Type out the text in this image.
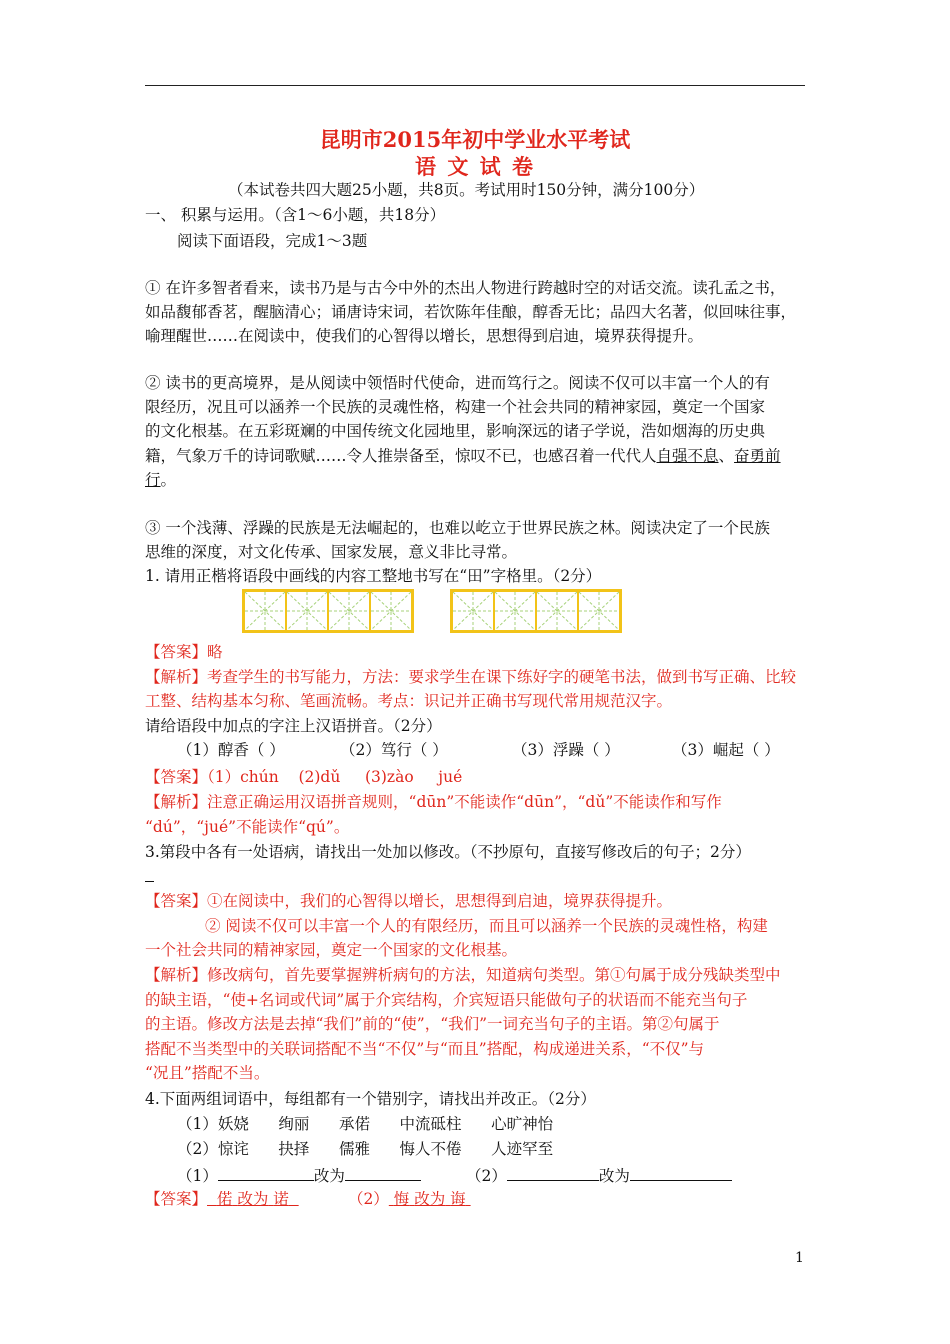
昆明市2015年初中学业水平考试
语 文 试 卷
（本试卷共四大题25小题，共8页。考试用时150分钟，满分100分）
一、 积累与运用。（含1～6小题，共18分）
阅读下面语段，完成1～3题
① 在许多智者看来，读书乃是与古今中外的杰出人物进行跨越时空的对话交流。读孔孟之书，
如品馥郁香茗，醒脑清心；诵唐诗宋词，若饮陈年佳酿，醇香无比；品四大名著，似回味往事，
喻理醒世……在阅读中，使我们的心智得以增长，思想得到启迪，境界获得提升。
② 读书的更高境界，是从阅读中领悟时代使命，进而笃行之。阅读不仅可以丰富一个人的有
限经历，况且可以涵养一个民族的灵魂性格，构建一个社会共同的精神家园，奠定一个国家
的文化根基。在五彩斑斓的中国传统文化园地里，影响深远的诸子学说，浩如烟海的历史典
籍，气象万千的诗词歌赋……令人推崇备至，惊叹不已，也感召着一代代人自强不息、奋勇前
行。
③ 一个浅薄、浮躁的民族是无法崛起的，也难以屹立于世界民族之林。阅读决定了一个民族
思维的深度，对文化传承、国家发展，意义非比寻常。
1. 请用正楷将语段中画线的内容工整地书写在“田”字格里。（2分）
【答案】略
【解析】考查学生的书写能力，方法：要求学生在课下练好字的硬笔书法，做到书写正确、比较
工整、结构基本匀称、笔画流畅。考点：识记并正确书写现代常用规范汉字。
请给语段中加点的字注上汉语拼音。（2分）
（1）醇香（ ）	（2）笃行（ ）	（3）浮躁（ ）	（3）崛起（ ）
【答案】（1）chún    (2)dǔ     (3)zào     jué
【解析】注意正确运用汉语拼音规则，“dūn”不能读作“dūn”，“dǔ”不能读作和写作
“dú”，“jué”不能读作“qú”。
3.第段中各有一处语病，请找出一处加以修改。（不抄原句，直接写修改后的句子；2分）
【答案】①在阅读中，我们的心智得以增长，思想得到启迪，境界获得提升。
② 阅读不仅可以丰富一个人的有限经历，而且可以涵养一个民族的灵魂性格，构建
一个社会共同的精神家园，奠定一个国家的文化根基。
【解析】修改病句，首先要掌握辨析病句的方法，知道病句类型。第①句属于成分残缺类型中
的缺主语，“使+名词或代词”属于介宾结构，介宾短语只能做句子的状语而不能充当句子
的主语。修改方法是去掉“我们”前的“使”，“我们”一词充当句子的主语。第②句属于
搭配不当类型中的关联词搭配不当“不仅”与“而且”搭配，构成递进关系，“不仅”与
“况且”搭配不当。
4.下面两组词语中，每组都有一个错别字，请找出并改正。（2分）
（1）妖娆      绚丽      承偌      中流砥柱      心旷神怡
（2）惊诧      抉择      儒雅      悔人不倦      人迹罕至
（1）	改为	（2）	改为
【答案】 偌 改为 诺	（2） 悔 改为 诲
1
